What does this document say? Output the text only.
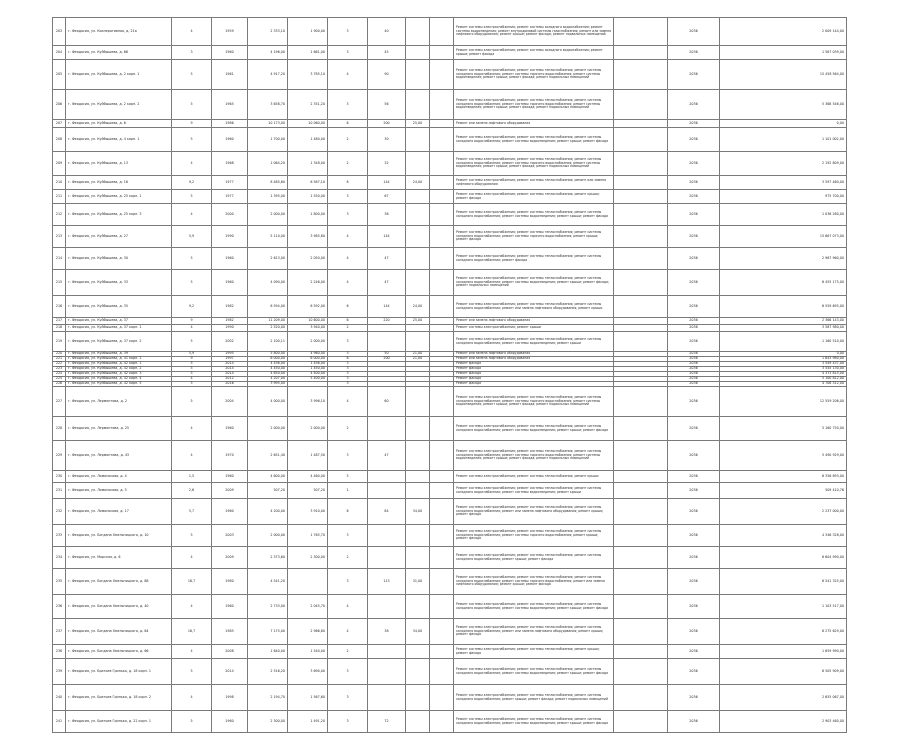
203	г. Феодосия, ул. Кооперативная, д. 21а	4	1959	2 333,10	1 900,00	3	40			Ремонт системы электроснабжения; ремонт системы холодного водоснабжения; ремонт системы водоотведения; ремонт внутридомовой системы газоснабжения; ремонт или замена лифтового оборудования; ремонт крыши; ремонт фасада; ремонт подвальных помещений		2036	2 009 144,00
204	г. Феодосия, ул. Куйбышева, д. 66	3	1960	4 196,00	1 661,00	3	45			Ремонт системы электроснабжения; ремонт системы холодного водоснабжения; ремонт крыши; ремонт фасада		2036	1 567 039,00
205	г. Феодосия, ул. Куйбышева, д. 2 корп. 1	5	1961	4 917,20	3 785,10	4	90			Ремонт системы электроснабжения; ремонт системы теплоснабжения; ремонт системы холодного водоснабжения; ремонт системы горячего водоснабжения; ремонт системы водоотведения; ремонт крыши; ремонт фасада; ремонт подвальных помещений		2036	15 458 564,00
206	г. Феодосия, ул. Куйбышева, д. 2 корп. 2	5	1965	3 658,70	2 351,20	3	56			Ремонт системы электроснабжения; ремонт системы теплоснабжения; ремонт системы холодного водоснабжения; ремонт системы горячего водоснабжения; ремонт системы водоотведения; ремонт крыши; ремонт фасада; ремонт подвальных помещений		2036	5 368 546,00
207	г. Феодосия, ул. Куйбышева, д. 6	9	1986	10 173,00	10 060,00	6	200	25,00		Ремонт или замена лифтового оборудования		2036	0,00
208	г. Феодосия, ул. Куйбышева, д. 4 корп. 1	5	1960	1 700,00	1 480,00	2	30			Ремонт системы электроснабжения; ремонт системы теплоснабжения; ремонт системы холодного водоснабжения; ремонт системы водоотведения; ремонт крыши; ремонт фасада		2036	1 101 002,00
209	г. Феодосия, ул. Куйбышева, д. 13	4	1968	1 064,20	1 348,00	2	32			Ремонт системы электроснабжения; ремонт системы теплоснабжения; ремонт системы холодного водоснабжения; ремонт системы горячего водоснабжения; ремонт системы водоотведения; ремонт крыши; ремонт фасада; ремонт подвальных помещений		2036	2 192 809,00
210	г. Феодосия, ул. Куйбышева, д. 16	9,2	1977	8 485,60	6 587,10	8	144	24,00		Ремонт системы электроснабжения; ремонт системы теплоснабжения; ремонт или замена лифтового оборудования		2036	3 597 460,00
211	г. Феодосия, ул. Куйбышева, д. 25 корп. 1	5	1977	1 395,00	1 550,00	3	67			Ремонт системы электроснабжения; ремонт системы теплоснабжения; ремонт крыши; ремонт фасада		2036	975 700,00
212	г. Феодосия, ул. Куйбышева, д. 25 корп. 3	4	2000	2 000,00	1 800,00	3	36			Ремонт системы электроснабжения; ремонт системы теплоснабжения; ремонт системы холодного водоснабжения; ремонт системы водоотведения; ремонт крыши; ремонт фасада		2036	1 036 280,00
213	г. Феодосия, ул. Куйбышева, д. 27	5,9	1990	5 110,00	3 985,80	4	144			Ремонт системы электроснабжения; ремонт системы теплоснабжения; ремонт системы холодного водоснабжения; ремонт системы горячего водоснабжения; ремонт крыши; ремонт фасада		2036	15 667 073,00
214	г. Феодосия, ул. Куйбышева, д. 30	5	1960	2 613,00	2 050,00	4	47			Ремонт системы электроснабжения; ремонт системы теплоснабжения; ремонт системы холодного водоснабжения; ремонт фасада		2036	2 967 960,00
215	г. Феодосия, ул. Куйбышева, д. 33	5	1960	4 090,00	2 246,00	4	47			Ремонт системы электроснабжения; ремонт системы теплоснабжения; ремонт системы холодного водоснабжения; ремонт системы водоотведения; ремонт крыши; ремонт фасада; ремонт подвальных помещений		2036	6 455 175,00
216	г. Феодосия, ул. Куйбышева, д. 35	9,2	1982	6 594,00	6 592,00	6	144	24,00		Ремонт системы электроснабжения; ремонт системы теплоснабжения; ремонт системы холодного водоснабжения; ремонт или замена лифтового оборудования; ремонт крыши		2036	6 559 695,00
217	г. Феодосия, ул. Куйбышева, д. 37	9	1982	11 209,00	10 600,00	6	220	25,00		Ремонт или замена лифтового оборудования		2036	2 366 143,00
218	г. Феодосия, ул. Куйбышева, д. 37 корп. 1	4	1990	2 520,00	3 940,00	2				Ремонт системы электроснабжения; ремонт крыши		2036	3 587 980,00
219	г. Феодосия, ул. Куйбышева, д. 37 корп. 2	5	2002	2 100,11	2 000,00	3				Ремонт системы электроснабжения; ремонт системы теплоснабжения; ремонт системы холодного водоснабжения; ремонт системы водоотведения; ремонт крыши		2036	1 160 510,00
220	г. Феодосия, ул. Куйбышева, д. 39	5,9	1995	5 800,00	4 960,00	3	50	21,00		Ремонт или замена лифтового оборудования		2036	0,00
221	г. Феодосия, ул. Куйбышева, д. 41 корп. 1	9	1997	6 000,00	6 000,00	6	200	21,00		Ремонт или замена лифтового оборудования		2036	1 643 980,00
222	г. Феодосия, ул. Куйбышева, д. 42 корп. 1	5	2014	4 456,00	1 456,00	3				Ремонт фасада		2036	3 549 437,00
223	г. Феодосия, ул. Куйбышева, д. 42 корп. 2	5	2014	4 450,00	1 450,00	3				Ремонт фасада		2036	3 545 130,00
224	г. Феодосия, ул. Куйбышева, д. 42 корп. 3	5	2014	4 650,00	4 400,00	3				Ремонт фасада		2036	4 373 815,00
225	г. Феодосия, ул. Куйбышева, д. 42 корп. 4	4	2012	4 207,00	5 400,00	3				Ремонт фасада		2036	5 100 812,00
226	г. Феодосия, ул. Куйбышева, д. 42 корп. 5	5	2016	3 995,00		3				Ремонт фасада		2036	4 708 312,00
227	г. Феодосия, ул. Лермонтова, д. 2	5	2004	4 000,00	3 996,10	4	60			Ремонт системы электроснабжения; ремонт системы теплоснабжения; ремонт системы холодного водоснабжения; ремонт системы горячего водоснабжения; ремонт системы водоотведения; ремонт крыши; ремонт фасада; ремонт подвальных помещений		2036	12 559 206,00
228	г. Феодосия, ул. Лермонтова, д. 25	4	1960	2 000,00	2 000,00	2				Ремонт системы электроснабжения; ремонт системы теплоснабжения; ремонт системы холодного водоснабжения; ремонт системы водоотведения; ремонт крыши; ремонт фасада		2036	5 160 750,00
229	г. Феодосия, ул. Лермонтова, д. 43	4	1970	2 651,40	1 487,50	3	47			Ремонт системы электроснабжения; ремонт системы теплоснабжения; ремонт системы холодного водоснабжения; ремонт системы горячего водоснабжения; ремонт системы водоотведения; ремонт крыши; ремонт фасада; ремонт подвальных помещений		2036	5 490 929,00
230	г. Феодосия, ул. Ломоносова, д. 4	1,5	1960	4 600,00	4 460,00	5				Ремонт системы электроснабжения; ремонт системы теплоснабжения; ремонт крыши		2036	6 356 893,00
231	г. Феодосия, ул. Ломоносова, д. 5	2,6	2009	507,20	507,20	1				Ремонт системы электроснабжения; ремонт системы теплоснабжения; ремонт системы холодного водоснабжения; ремонт системы водоотведения; ремонт крыши		2036	509 410,76
232	г. Феодосия, ул. Ломоносова, д. 17	5,7	1960	4 200,00	3 910,00	6	84	34,00		Ремонт системы электроснабжения; ремонт системы теплоснабжения; ремонт системы холодного водоснабжения; ремонт или замена лифтового оборудования; ремонт крыши; ремонт фасада		2036	2 237 000,00
233	г. Феодосия, ул. Богдана Хмельницкого, д. 10	5	2003	2 000,00	1 765,70	3				Ремонт системы электроснабжения; ремонт системы теплоснабжения; ремонт системы холодного водоснабжения; ремонт системы горячего водоснабжения; ремонт крыши; ремонт фасада		2036	4 346 328,00
234	г. Феодосия, ул. Морская, д. 6	4	2009	2 373,60	2 300,00	2				Ремонт системы электроснабжения; ремонт системы теплоснабжения; ремонт системы холодного водоснабжения; ремонт крыши; ремонт фасада		2036	6 604 990,00
235	г. Феодосия, ул. Богдана Хмельницкого, д. 88	16,7	1980	4 541,20		3	113	31,00		Ремонт системы электроснабжения; ремонт системы теплоснабжения; ремонт системы холодного водоснабжения; ремонт системы горячего водоснабжения; ремонт или замена лифтового оборудования; ремонт крыши; ремонт фасада		2036	6 541 325,00
236	г. Феодосия, ул. Богдана Хмельницкого, д. 40	4	1960	2 733,00	2 045,70	4				Ремонт системы электроснабжения; ремонт системы теплоснабжения; ремонт системы холодного водоснабжения; ремонт системы водоотведения; ремонт крыши; ремонт фасада		2036	1 103 517,00
237	г. Феодосия, ул. Богдана Хмельницкого, д. 64	16,7	1985	7 175,00	2 966,80	4	38	34,00		Ремонт системы электроснабжения; ремонт системы теплоснабжения; ремонт системы холодного водоснабжения; ремонт или замена лифтового оборудования; ремонт крыши; ремонт фасада		2036	6 275 629,00
238	г. Феодосия, ул. Богдана Хмельницкого, д. 66	4	2008	1 640,00	1 540,00	2				Ремонт системы электроснабжения; ремонт системы теплоснабжения; ремонт крыши; ремонт фасада		2036	1 659 990,00
239	г. Феодосия, ул. Братьев Гринько, д. 18 корп. 1	5	2014	2 516,20	3 690,00	3				Ремонт системы электроснабжения; ремонт системы теплоснабжения; ремонт системы холодного водоснабжения; ремонт системы водоотведения; ремонт крыши; ремонт фасада		2036	6 505 909,00
240	г. Феодосия, ул. Братьев Гринько, д. 18 корп. 2	4	1998	2 194,70	1 567,60	3				Ремонт системы электроснабжения; ремонт системы теплоснабжения; ремонт системы холодного водоснабжения; ремонт крыши; ремонт фасада; ремонт подвальных помещений		2036	2 655 067,00
241	г. Феодосия, ул. Братьев Гринько, д. 22 корп. 1	5	1960	2 300,00	1 491,20	3	72			Ремонт системы электроснабжения; ремонт системы теплоснабжения; ремонт системы холодного водоснабжения; ремонт системы водоотведения; ремонт крыши; ремонт фасада		2036	2 903 460,00
